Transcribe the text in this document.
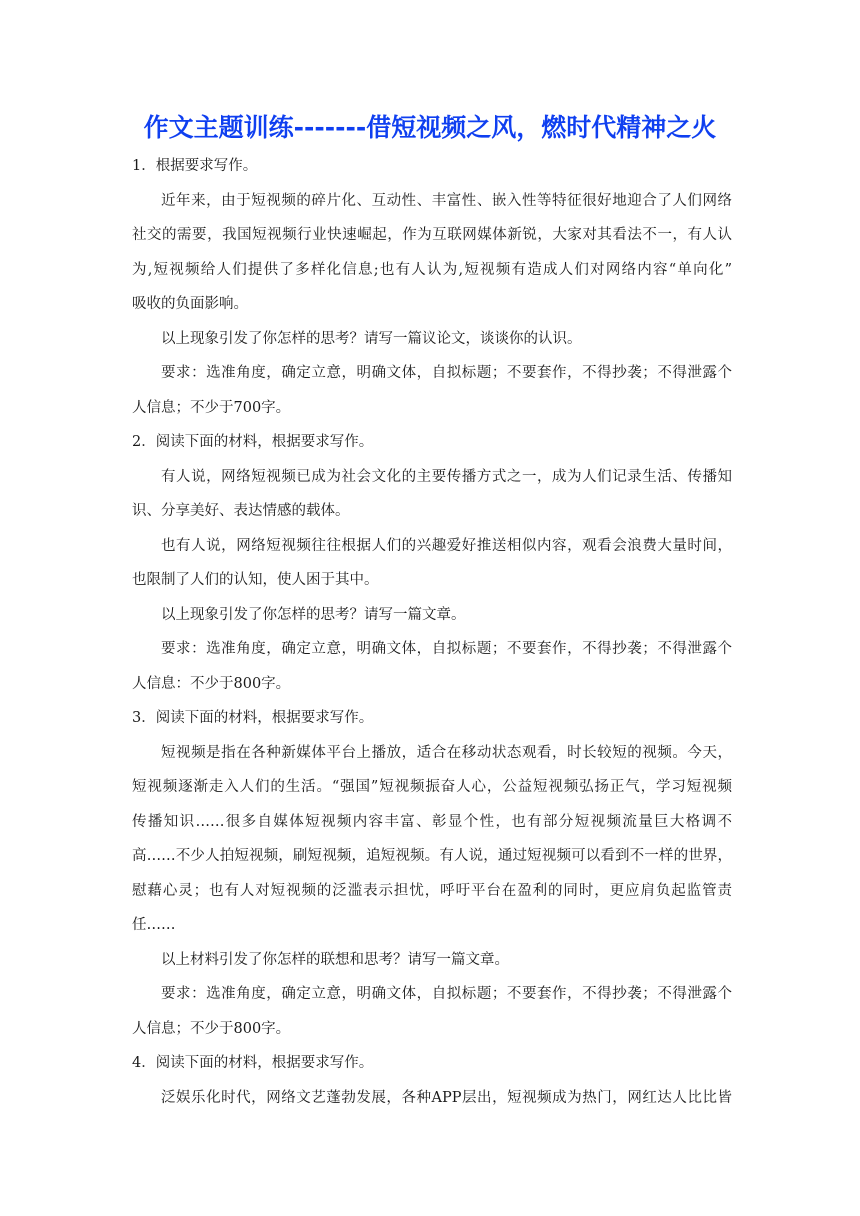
作文主题训练-------借短视频之风，燃时代精神之火
1．根据要求写作。
近年来，由于短视频的碎片化、互动性、丰富性、嵌入性等特征很好地迎合了人们网络
社交的需要，我国短视频行业快速崛起，作为互联网媒体新锐，大家对其看法不一，有人认
为,短视频给人们提供了多样化信息;也有人认为,短视频有造成人们对网络内容“单向化”
吸收的负面影响。
以上现象引发了你怎样的思考？请写一篇议论文，谈谈你的认识。
要求：选准角度，确定立意，明确文体，自拟标题；不要套作，不得抄袭；不得泄露个
人信息；不少于700字。
2．阅读下面的材料，根据要求写作。
有人说，网络短视频已成为社会文化的主要传播方式之一，成为人们记录生活、传播知
识、分享美好、表达情感的载体。
也有人说，网络短视频往往根据人们的兴趣爱好推送相似内容，观看会浪费大量时间，
也限制了人们的认知，使人困于其中。
以上现象引发了你怎样的思考？请写一篇文章。
要求：选准角度，确定立意，明确文体，自拟标题；不要套作，不得抄袭；不得泄露个
人信息：不少于800字。
3．阅读下面的材料，根据要求写作。
短视频是指在各种新媒体平台上播放，适合在移动状态观看，时长较短的视频。今天，
短视频逐渐走入人们的生活。“强国”短视频振奋人心，公益短视频弘扬正气，学习短视频
传播知识……很多自媒体短视频内容丰富、彰显个性，也有部分短视频流量巨大格调不
高……不少人拍短视频，刷短视频，追短视频。有人说，通过短视频可以看到不一样的世界，
慰藉心灵；也有人对短视频的泛滥表示担忧，呼吁平台在盈利的同时，更应肩负起监管责
任……
以上材料引发了你怎样的联想和思考？请写一篇文章。
要求：选准角度，确定立意，明确文体，自拟标题；不要套作，不得抄袭；不得泄露个
人信息；不少于800字。
4．阅读下面的材料，根据要求写作。
泛娱乐化时代，网络文艺蓬勃发展，各种APP层出，短视频成为热门，网红达人比比皆
